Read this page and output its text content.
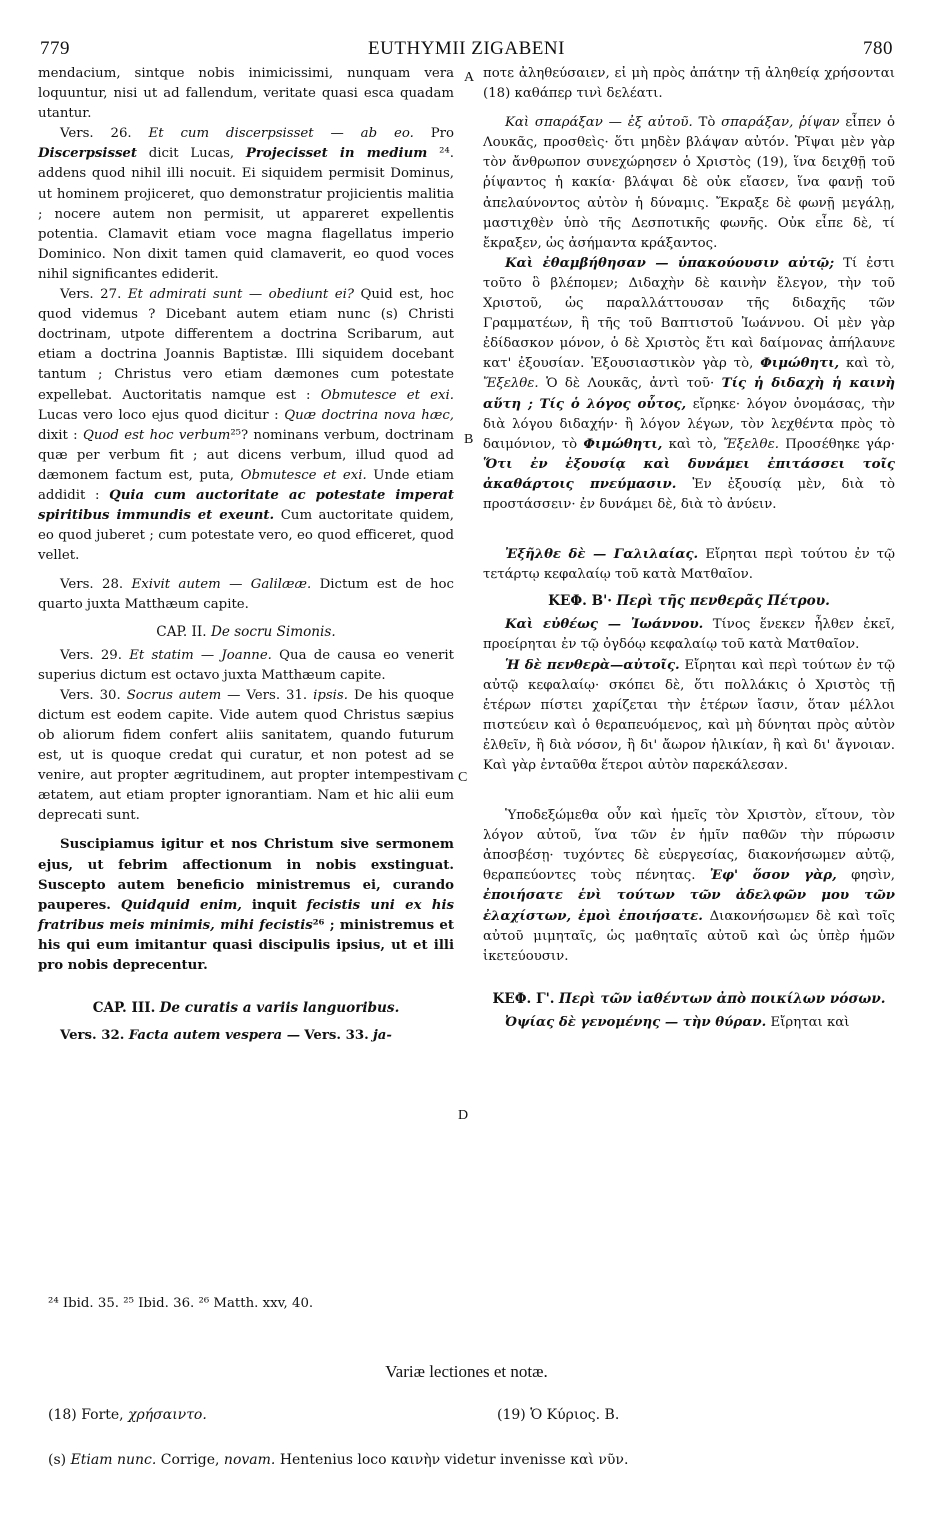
779	EUTHYMII ZIGABENI	780
A
B
C
D

mendacium, sintque nobis inimicissimi, nunquam vera loquuntur, nisi ut ad fallendum, veritate quasi esca quadam utantur.

Vers. 26. Et cum discerpsisset — ab eo. Pro Discerpsisset dicit Lucas, Projecisset in medium ²⁴. addens quod nihil illi nocuit. Ei siquidem permisit Dominus, ut hominem projiceret, quo demonstratur projicientis malitia ; nocere autem non permisit, ut appareret expellentis potentia. Clamavit etiam voce magna flagellatus imperio Dominico. Non dixit tamen quid clamaverit, eo quod voces nihil significantes ediderit.

Vers. 27. Et admirati sunt — obediunt ei? Quid est, hoc quod videmus ? Dicebant autem etiam nunc (s) Christi doctrinam, utpote differentem a doctrina Scribarum, aut etiam a doctrina Joannis Baptistæ. Illi siquidem docebant tantum ; Christus vero etiam dæmones cum potestate expellebat. Auctoritatis namque est : Obmutesce et exi. Lucas vero loco ejus quod dicitur : Quæ doctrina nova hæc, dixit : Quod est hoc verbum²⁵? nominans verbum, doctrinam quæ per verbum fit ; aut dicens verbum, illud quod ad dæmonem factum est, puta, Obmutesce et exi. Unde etiam addidit : Quia cum auctoritate ac potestate imperat spiritibus immundis et exeunt. Cum auctoritate quidem, eo quod juberet ; cum potestate vero, eo quod efficeret, quod vellet.

Vers. 28. Exivit autem — Galilææ. Dictum est de hoc quarto juxta Matthæum capite.

CAP. II. De socru Simonis.

Vers. 29. Et statim — Joanne. Qua de causa eo venerit superius dictum est octavo juxta Matthæum capite.

Vers. 30. Socrus autem — Vers. 31. ipsis. De his quoque dictum est eodem capite. Vide autem quod Christus sæpius ob aliorum fidem confert aliis sanitatem, quando futurum est, ut is quoque credat qui curatur, et non potest ad se venire, aut propter ægritudinem, aut propter intempestivam ætatem, aut etiam propter ignorantiam. Nam et hic alii eum deprecati sunt.

Suscipiamus igitur et nos Christum sive sermonem ejus, ut febrim affectionum in nobis exstinguat. Suscepto autem beneficio ministremus ei, curando pauperes. Quidquid enim, inquit fecistis uni ex his fratribus meis minimis, mihi fecistis²⁶ ; ministremus et his qui eum imitantur quasi discipulis ipsius, ut et illi pro nobis deprecentur.

CAP. III. De curatis a variis languoribus.

Vers. 32. Facta autem vespera — Vers. 33. ja-

²⁴ Ibid. 35. ²⁵ Ibid. 36. ²⁶ Matth. xxv, 40.

ποτε ἀληθεύσαιεν, εἰ μὴ πρὸς ἀπάτην τῇ ἀληθείᾳ χρήσονται (18) καθάπερ τινὶ δελέατι.

Καὶ σπαράξαν — ἐξ αὐτοῦ. Τὸ σπαράξαν, ῥίψαν εἶπεν ὁ Λουκᾶς, προσθεὶς· ὅτι μηδὲν βλάψαν αὐτόν. Ῥῖψαι μὲν γὰρ τὸν ἄνθρωπον συνεχώρησεν ὁ Χριστὸς (19), ἵνα δειχθῇ τοῦ ῥίψαντος ἡ κακία· βλάψαι δὲ οὐκ εἴασεν, ἵνα φανῇ τοῦ ἀπελαύνοντος αὐτὸν ἡ δύναμις. Ἔκραξε δὲ φωνῇ μεγάλῃ, μαστιχθὲν ὑπὸ τῆς Δεσποτικῆς φωνῆς. Οὐκ εἶπε δὲ, τί ἔκραξεν, ὡς ἀσήμαντα κράξαντος.

Καὶ ἐθαμβήθησαν — ὑπακούουσιν αὐτῷ; Τί ἐστι τοῦτο ὃ βλέπομεν; Διδαχὴν δὲ καινὴν ἔλεγον, τὴν τοῦ Χριστοῦ, ὡς παραλλάττουσαν τῆς διδαχῆς τῶν Γραμματέων, ἢ τῆς τοῦ Βαπτιστοῦ Ἰωάννου. Οἱ μὲν γὰρ ἐδίδασκον μόνον, ὁ δὲ Χριστὸς ἔτι καὶ δαίμονας ἀπήλαυνε κατ' ἐξουσίαν. Ἐξουσιαστικὸν γὰρ τὸ, Φιμώθητι, καὶ τὸ, Ἔξελθε. Ὁ δὲ Λουκᾶς, ἀντὶ τοῦ· Τίς ἡ διδαχὴ ἡ καινὴ αὕτη ; Τίς ὁ λόγος οὗτος, εἴρηκε· λόγον ὀνομάσας, τὴν διὰ λόγου διδαχήν· ἢ λόγον λέγων, τὸν λεχθέντα πρὸς τὸ δαιμόνιον, τὸ Φιμώθητι, καὶ τὸ, Ἔξελθε. Προσέθηκε γάρ· Ὅτι ἐν ἐξουσίᾳ καὶ δυνάμει ἐπιτάσσει τοῖς ἀκαθάρτοις πνεύμασιν. Ἐν ἐξουσίᾳ μὲν, διὰ τὸ προστάσσειν· ἐν δυνάμει δὲ, διὰ τὸ ἀνύειν.

Ἐξῆλθε δὲ — Γαλιλαίας. Εἴρηται περὶ τούτου ἐν τῷ τετάρτῳ κεφαλαίῳ τοῦ κατὰ Ματθαῖον.

ΚΕΦ. Β'· Περὶ τῆς πενθερᾶς Πέτρου.

Καὶ εὐθέως — Ἰωάννου. Τίνος ἕνεκεν ἦλθεν ἐκεῖ, προείρηται ἐν τῷ ὀγδόῳ κεφαλαίῳ τοῦ κατὰ Ματθαῖον.

Ἡ δὲ πενθερὰ—αὐτοῖς. Εἴρηται καὶ περὶ τούτων ἐν τῷ αὐτῷ κεφαλαίῳ· σκόπει δὲ, ὅτι πολλάκις ὁ Χριστὸς τῇ ἑτέρων πίστει χαρίζεται τὴν ἑτέρων ἴασιν, ὅταν μέλλοι πιστεύειν καὶ ὁ θεραπευόμενος, καὶ μὴ δύνηται πρὸς αὐτὸν ἐλθεῖν, ἢ διὰ νόσον, ἢ δι' ἄωρον ἡλικίαν, ἢ καὶ δι' ἄγνοιαν. Καὶ γὰρ ἐνταῦθα ἕτεροι αὐτὸν παρεκάλεσαν.

Ὑποδεξώμεθα οὖν καὶ ἡμεῖς τὸν Χριστὸν, εἴτουν, τὸν λόγον αὐτοῦ, ἵνα τῶν ἐν ἡμῖν παθῶν τὴν πύρωσιν ἀποσβέσῃ· τυχόντες δὲ εὐεργεσίας, διακονήσωμεν αὐτῷ, θεραπεύοντες τοὺς πένητας. Ἐφ' ὅσον γὰρ, φησὶν, ἐποιήσατε ἑνὶ τούτων τῶν ἀδελφῶν μου τῶν ἐλαχίστων, ἐμοὶ ἐποιήσατε. Διακονήσωμεν δὲ καὶ τοῖς αὐτοῦ μιμηταῖς, ὡς μαθηταῖς αὐτοῦ καὶ ὡς ὑπὲρ ἡμῶν ἱκετεύουσιν.

ΚΕΦ. Γ'. Περὶ τῶν ἰαθέντων ἀπὸ ποικίλων νόσων.

Ὀψίας δὲ γενομένης — τὴν θύραν. Εἴρηται καὶ

Variæ lectiones et notæ.
(18) Forte, χρήσαιντο.	(19) Ὁ Κύριος. B.
(s) Etiam nunc. Corrige, novam. Hentenius loco καινὴν videtur invenisse καὶ νῦν.
